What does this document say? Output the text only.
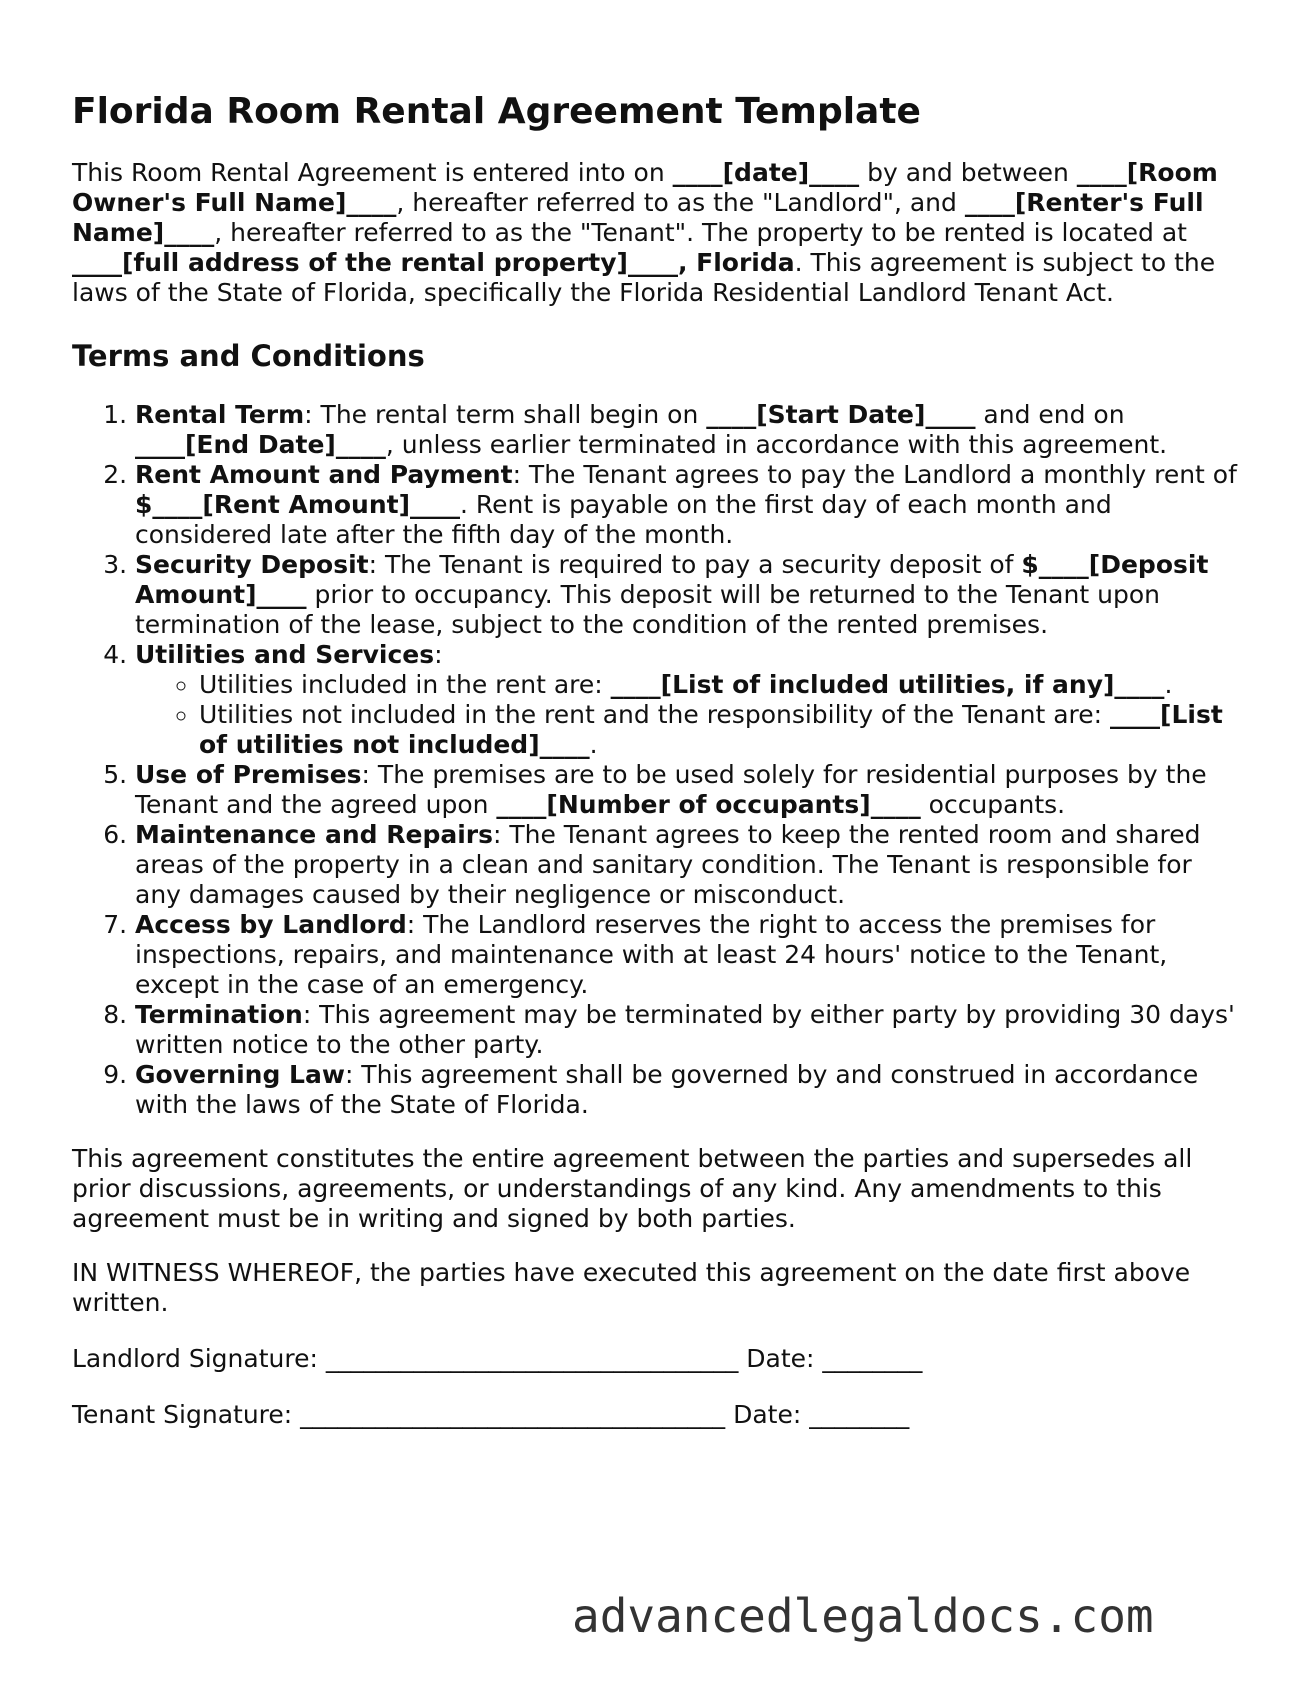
Florida Room Rental Agreement Template

This Room Rental Agreement is entered into on ____[date]____ by and between ____[Room Owner's Full Name]____, hereafter referred to as the "Landlord", and ____[Renter's Full Name]____, hereafter referred to as the "Tenant". The property to be rented is located at ____[full address of the rental property]____, Florida. This agreement is subject to the laws of the State of Florida, specifically the Florida Residential Landlord Tenant Act.

Terms and Conditions
1. Rental Term: The rental term shall begin on ____[Start Date]____ and end on ____[End Date]____, unless earlier terminated in accordance with this agreement.
2. Rent Amount and Payment: The Tenant agrees to pay the Landlord a monthly rent of $____[Rent Amount]____. Rent is payable on the first day of each month and considered late after the fifth day of the month.
3. Security Deposit: The Tenant is required to pay a security deposit of $____[Deposit Amount]____ prior to occupancy. This deposit will be returned to the Tenant upon termination of the lease, subject to the condition of the rented premises.
4. Utilities and Services:
◦ Utilities included in the rent are: ____[List of included utilities, if any]____.
◦ Utilities not included in the rent and the responsibility of the Tenant are: ____[List of utilities not included]____.
5. Use of Premises: The premises are to be used solely for residential purposes by the Tenant and the agreed upon ____[Number of occupants]____ occupants.
6. Maintenance and Repairs: The Tenant agrees to keep the rented room and shared areas of the property in a clean and sanitary condition. The Tenant is responsible for any damages caused by their negligence or misconduct.
7. Access by Landlord: The Landlord reserves the right to access the premises for inspections, repairs, and maintenance with at least 24 hours' notice to the Tenant, except in the case of an emergency.
8. Termination: This agreement may be terminated by either party by providing 30 days' written notice to the other party.
9. Governing Law: This agreement shall be governed by and construed in accordance with the laws of the State of Florida.

This agreement constitutes the entire agreement between the parties and supersedes all prior discussions, agreements, or understandings of any kind. Any amendments to this agreement must be in writing and signed by both parties.

IN WITNESS WHEREOF, the parties have executed this agreement on the date first above written.

Landlord Signature: _________________________________ Date: ________

Tenant Signature: __________________________________ Date: ________

advancedlegaldocs.com
